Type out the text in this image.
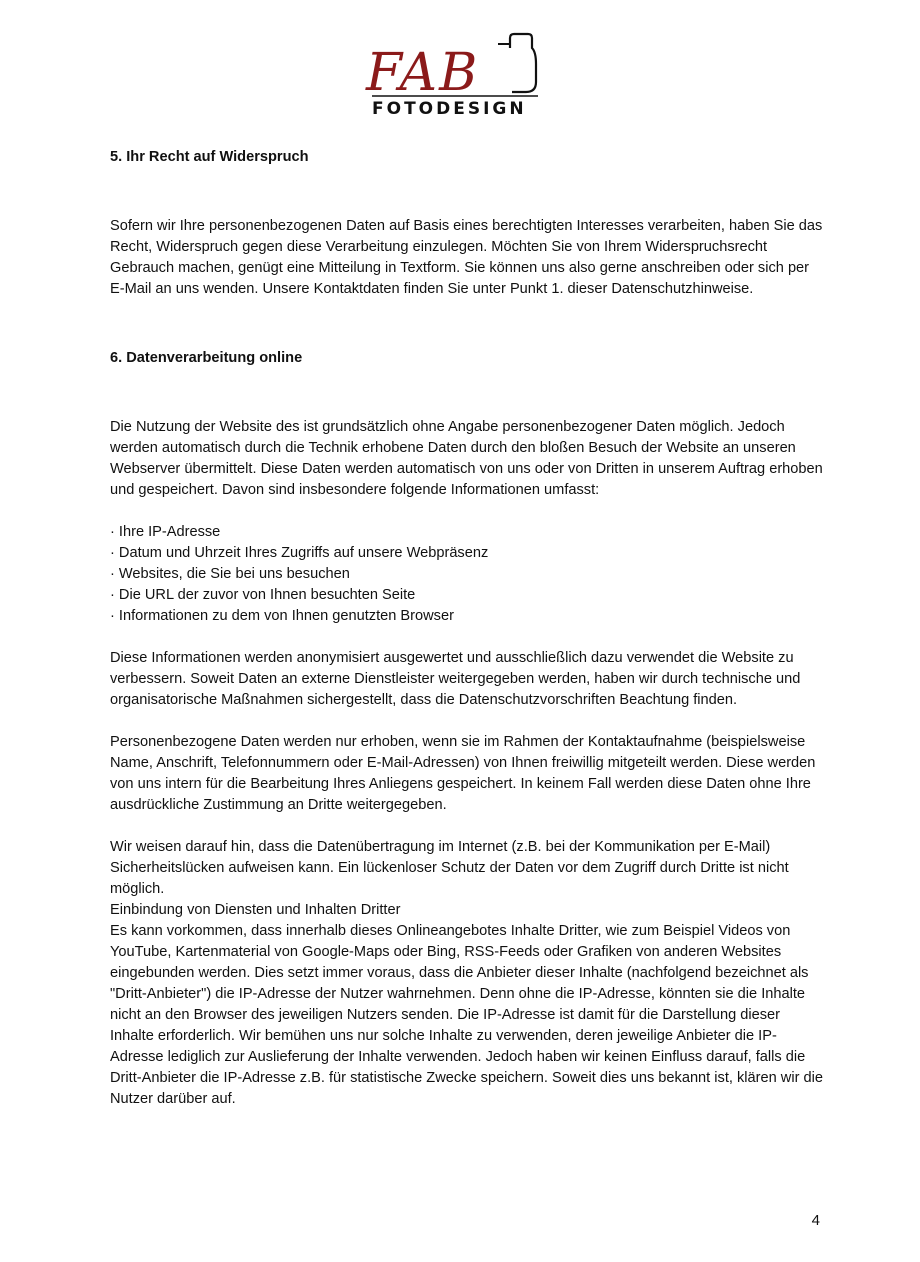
FAB
FOTODESIGN

5. Ihr Recht auf Widerspruch

Sofern wir Ihre personenbezogenen Daten auf Basis eines berechtigten Interesses verarbeiten, haben Sie das Recht, Widerspruch gegen diese Verarbeitung einzulegen. Möchten Sie von Ihrem Widerspruchsrecht Gebrauch machen, genügt eine Mitteilung in Textform. Sie können uns also gerne anschreiben oder sich per E-Mail an uns wenden. Unsere Kontaktdaten finden Sie unter Punkt 1. dieser Datenschutzhinweise.

6. Datenverarbeitung online

Die Nutzung der Website des ist grundsätzlich ohne Angabe personenbezogener Daten möglich. Jedoch werden automatisch durch die Technik erhobene Daten durch den bloßen Besuch der Website an unseren Webserver übermittelt. Diese Daten werden automatisch von uns oder von Dritten in unserem Auftrag erhoben und gespeichert. Davon sind insbesondere folgende Informationen umfasst:

· Ihre IP-Adresse
· Datum und Uhrzeit Ihres Zugriffs auf unsere Webpräsenz
· Websites, die Sie bei uns besuchen
· Die URL der zuvor von Ihnen besuchten Seite
· Informationen zu dem von Ihnen genutzten Browser

Diese Informationen werden anonymisiert ausgewertet und ausschließlich dazu verwendet die Website zu verbessern. Soweit Daten an externe Dienstleister weitergegeben werden, haben wir durch technische und organisatorische Maßnahmen sichergestellt, dass die Datenschutzvorschriften Beachtung finden.

Personenbezogene Daten werden nur erhoben, wenn sie im Rahmen der Kontaktaufnahme (beispielsweise Name, Anschrift, Telefonnummern oder E-Mail-Adressen) von Ihnen freiwillig mitgeteilt werden. Diese werden von uns intern für die Bearbeitung Ihres Anliegens gespeichert. In keinem Fall werden diese Daten ohne Ihre ausdrückliche Zustimmung an Dritte weitergegeben.

Wir weisen darauf hin, dass die Datenübertragung im Internet (z.B. bei der Kommunikation per E-Mail) Sicherheitslücken aufweisen kann. Ein lückenloser Schutz der Daten vor dem Zugriff durch Dritte ist nicht möglich.

Einbindung von Diensten und Inhalten Dritter

Es kann vorkommen, dass innerhalb dieses Onlineangebotes Inhalte Dritter, wie zum Beispiel Videos von YouTube, Kartenmaterial von Google-Maps oder Bing, RSS-Feeds oder Grafiken von anderen Websites eingebunden werden. Dies setzt immer voraus, dass die Anbieter dieser Inhalte (nachfolgend bezeichnet als "Dritt-Anbieter") die IP-Adresse der Nutzer wahrnehmen. Denn ohne die IP-Adresse, könnten sie die Inhalte nicht an den Browser des jeweiligen Nutzers senden. Die IP-Adresse ist damit für die Darstellung dieser Inhalte erforderlich. Wir bemühen uns nur solche Inhalte zu verwenden, deren jeweilige Anbieter die IP-Adresse lediglich zur Auslieferung der Inhalte verwenden. Jedoch haben wir keinen Einfluss darauf, falls die Dritt-Anbieter die IP-Adresse z.B. für statistische Zwecke speichern. Soweit dies uns bekannt ist, klären wir die Nutzer darüber auf.

4
